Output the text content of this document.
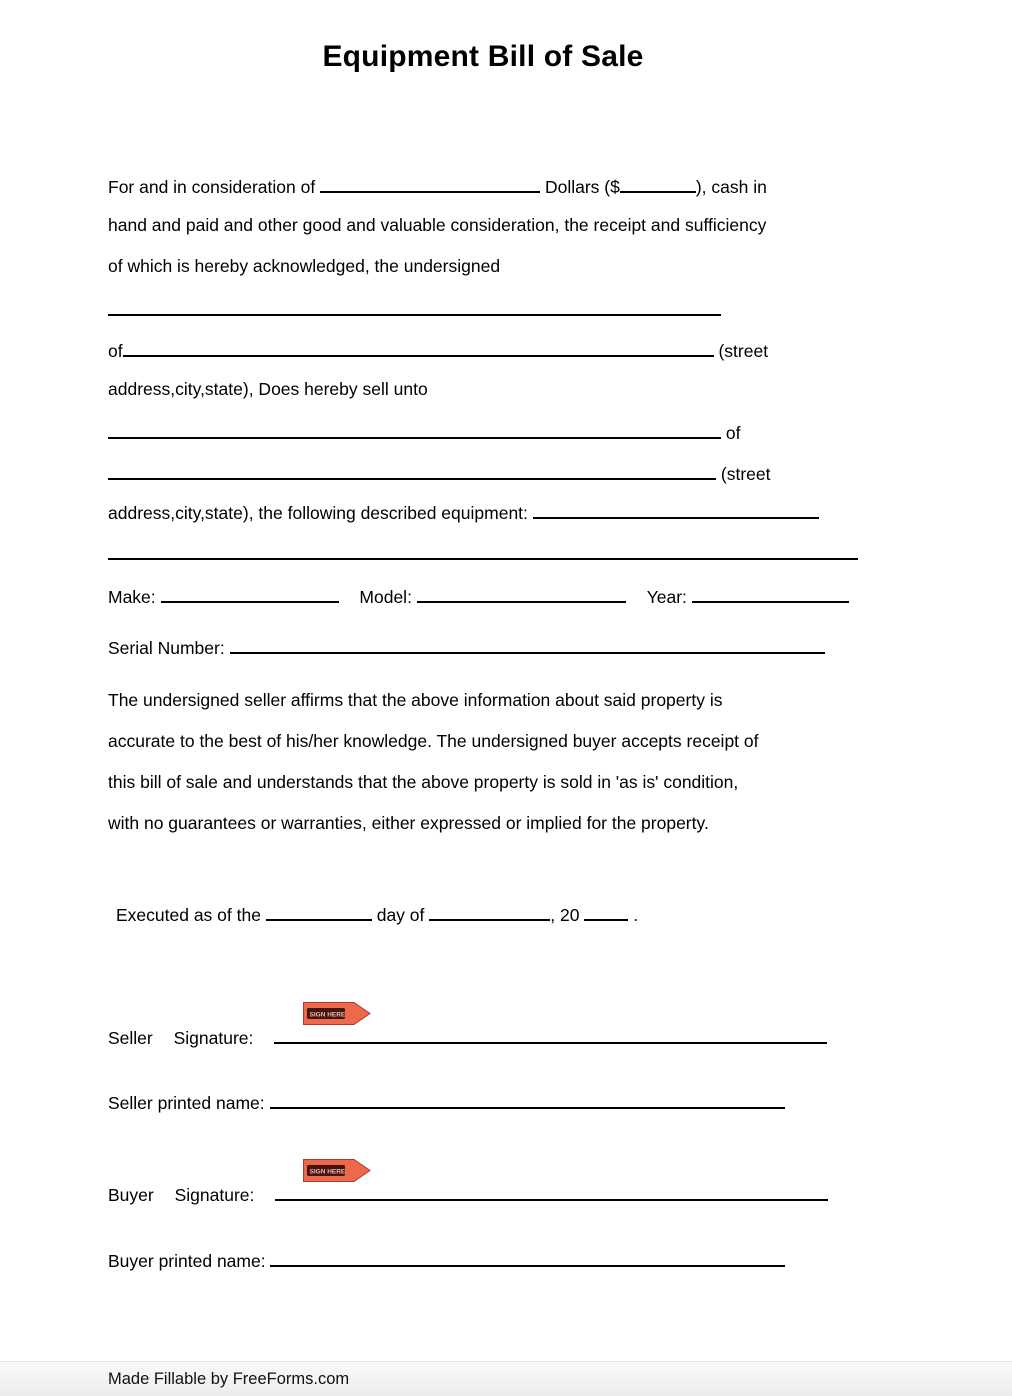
Equipment Bill of Sale
For and in consideration of	Dollars ($	), cash in
hand and paid and other good and valuable consideration, the receipt and sufficiency
of which is hereby acknowledged, the undersigned
of	(street
address,city,state), Does hereby sell unto
of
(street
address,city,state), the following described equipment:
Make:	Model:	Year:
Serial Number:
The undersigned seller affirms that the above information about said property is
accurate to the best of his/her knowledge. The undersigned buyer accepts receipt of
this bill of sale and understands that the above property is sold in 'as is' condition,
with no guarantees or warranties, either expressed or implied for the property.
Executed as of the	day of	, 20	.
SIGN HERE
Seller Signature:
Seller printed name:
SIGN HERE
Buyer Signature:
Buyer printed name:
Made Fillable by FreeForms.com
